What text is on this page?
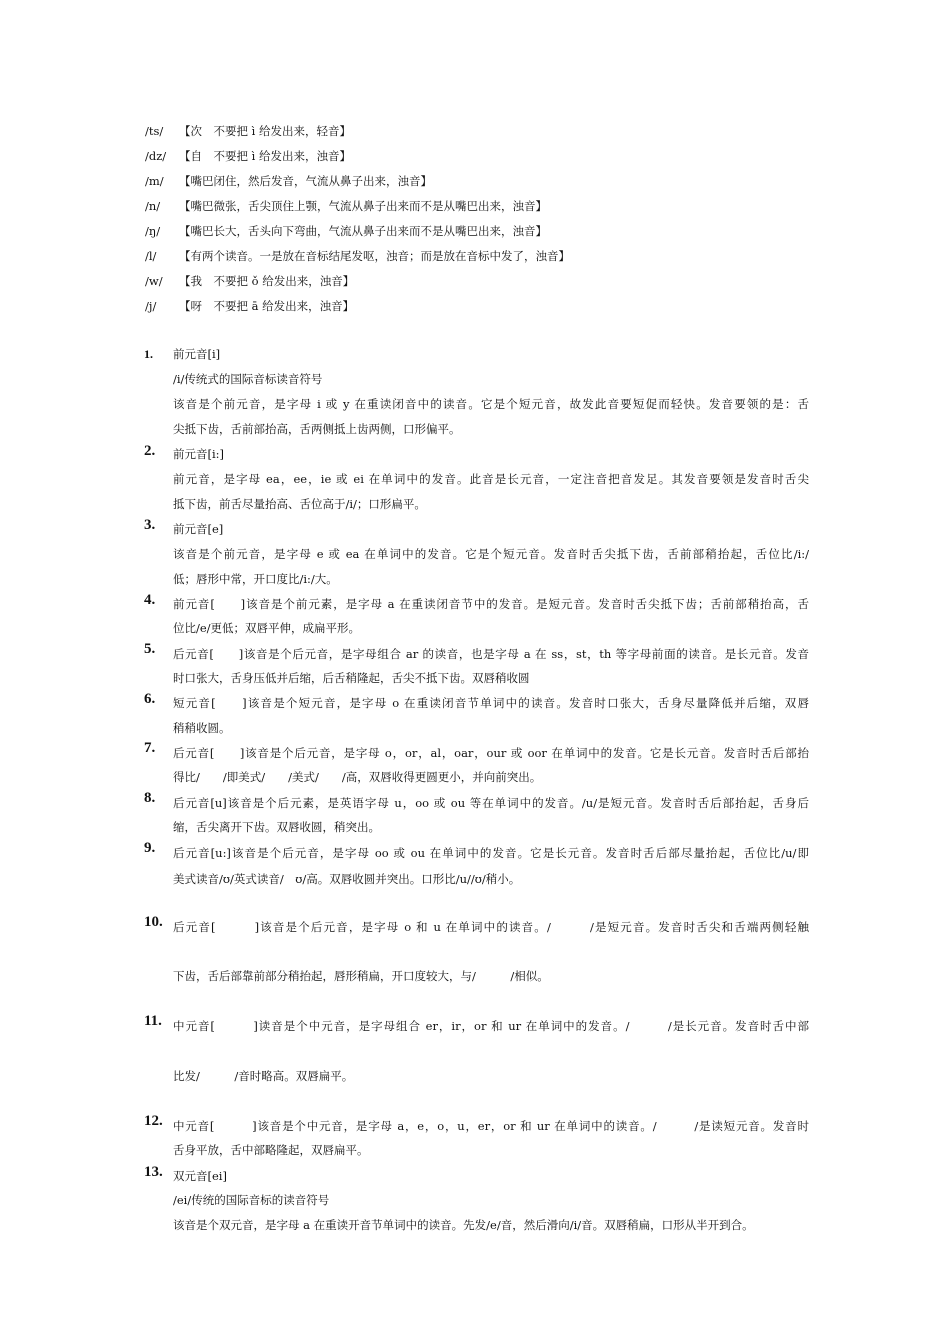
/ts/ 【次　不要把 ì 给发出来，轻音】
/dz/ 【自　不要把 ì 给发出来，浊音】
/m/ 【嘴巴闭住，然后发音，气流从鼻子出来，浊音】
/n/ 【嘴巴微张，舌尖顶住上颚，气流从鼻子出来而不是从嘴巴出来，浊音】
/ŋ/ 【嘴巴长大，舌头向下弯曲，气流从鼻子出来而不是从嘴巴出来，浊音】
/l/ 【有两个读音。一是放在音标结尾发呕，浊音；而是放在音标中发了，浊音】
/w/ 【我　不要把 ǒ 给发出来，浊音】
/j/ 【呀　不要把 ā 给发出来，浊音】
1. 前元音[i]
/i/传统式的国际音标读音符号
该音是个前元音，是字母 i 或 y 在重读闭音中的读音。它是个短元音，故发此音要短促而轻快。发音要领的是：舌
尖抵下齿，舌前部抬高，舌两侧抵上齿两侧，口形偏平。
2. 前元音[i:]
前元音，是字母 ea，ee，ie 或 ei 在单词中的发音。此音是长元音，一定注音把音发足。其发音要领是发音时舌尖
抵下齿，前舌尽量抬高、舌位高于/i/；口形扁平。
3. 前元音[e]
该音是个前元音，是字母 e 或 ea 在单词中的发音。它是个短元音。发音时舌尖抵下齿，舌前部稍抬起，舌位比/i:/
低；唇形中常，开口度比/i:/大。
4. 前元音[　　]该音是个前元素，是字母 a 在重读闭音节中的发音。是短元音。发音时舌尖抵下齿；舌前部稍抬高，舌
位比/e/更低；双唇平伸，成扁平形。
5. 后元音[　　]该音是个后元音，是字母组合 ar 的读音，也是字母 a 在 ss，st，th 等字母前面的读音。是长元音。发音
时口张大，舌身压低并后缩，后舌稍隆起，舌尖不抵下齿。双唇稍收圆
6. 短元音[　　]该音是个短元音，是字母 o 在重读闭音节单词中的读音。发音时口张大，舌身尽量降低并后缩，双唇
稍稍收圆。
7. 后元音[　　]该音是个后元音，是字母 o，or，al，oar，our 或 oor 在单词中的发音。它是长元音。发音时舌后部抬
得比/　　/即美式/　　/美式/　　/高，双唇收得更圆更小，并向前突出。
8. 后元音[u]该音是个后元素，是英语字母 u，oo 或 ou 等在单词中的发音。/u/是短元音。发音时舌后部抬起，舌身后
缩，舌尖离开下齿。双唇收圆，稍突出。
9. 后元音[u:]该音是个后元音，是字母 oo 或 ou 在单词中的发音。它是长元音。发音时舌后部尽量抬起，舌位比/u/即
美式读音/ʊ/英式读音/　ʊ/高。双唇收圆并突出。口形比/u//ʊ/稍小。
10. 后元音[　　　]该音是个后元音，是字母 o 和 u 在单词中的读音。/　　　/是短元音。发音时舌尖和舌端两侧轻触
下齿，舌后部靠前部分稍抬起，唇形稍扁，开口度较大，与/　　　/相似。
11. 中元音[　　　]读音是个中元音，是字母组合 er，ir，or 和 ur 在单词中的发音。/　　　/是长元音。发音时舌中部
比发/　　　/音时略高。双唇扁平。
12. 中元音[　　　]该音是个中元音，是字母 a，e，o，u，er，or 和 ur 在单词中的读音。/　　　/是读短元音。发音时
舌身平放，舌中部略隆起，双唇扁平。
13. 双元音[ei]
/ei/传统的国际音标的读音符号
该音是个双元音，是字母 a 在重读开音节单词中的读音。先发/e/音，然后滑向/i/音。双唇稍扁，口形从半开到合。
